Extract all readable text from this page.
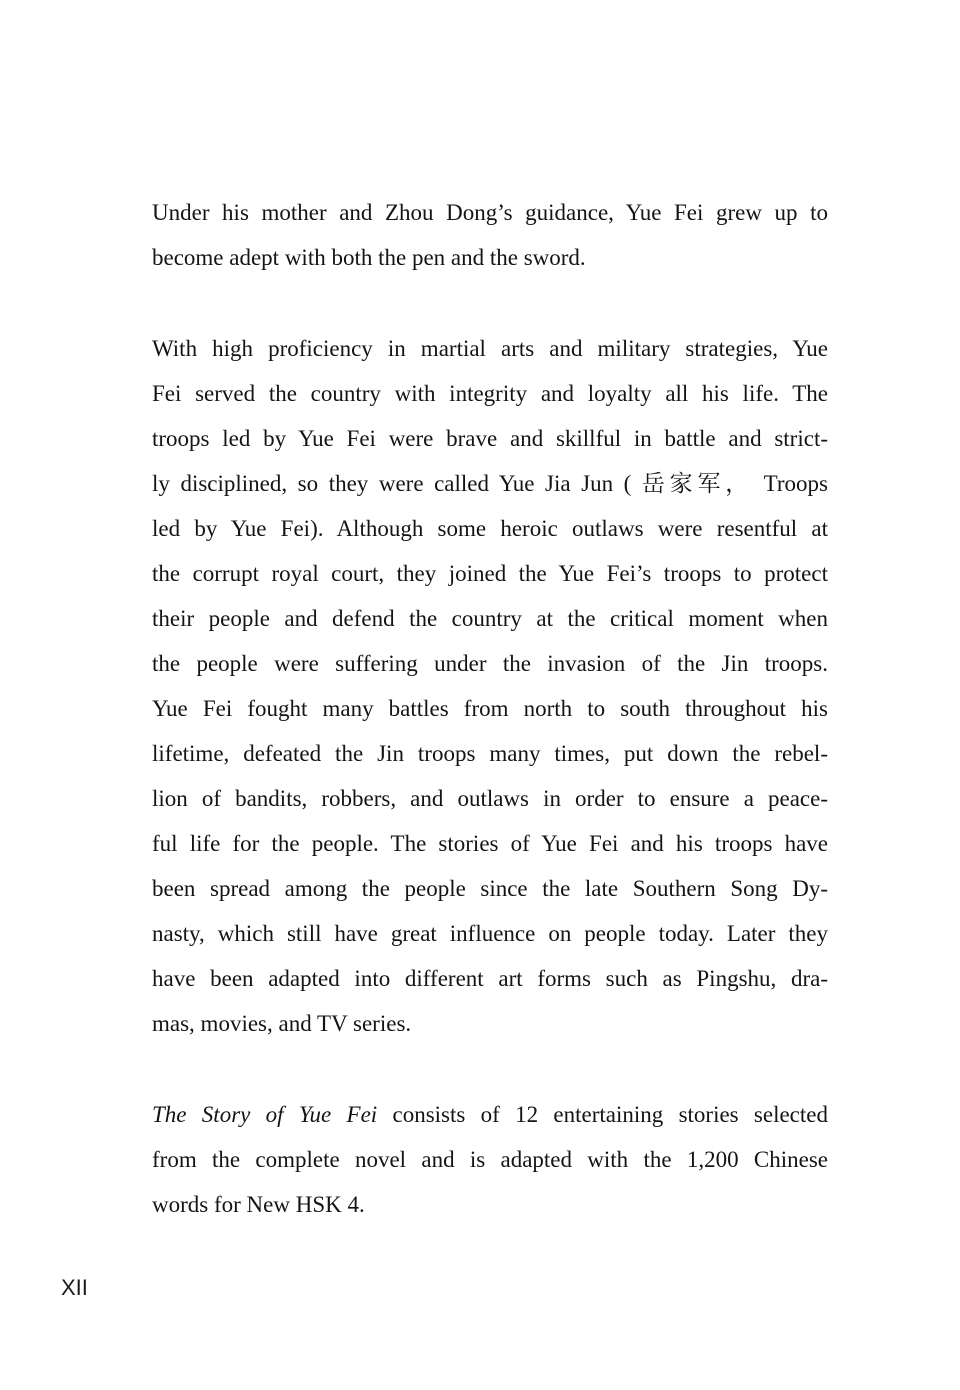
Under his mother and Zhou Dong’s guidance, Yue Fei grew up to
become adept with both the pen and the sword.
With high proficiency in martial arts and military strategies, Yue
Fei served the country with integrity and loyalty all his life. The
troops led by Yue Fei were brave and skillful in battle and strict-
ly disciplined, so they were called Yue Jia Jun ( 岳家军， Troops
led by Yue Fei). Although some heroic outlaws were resentful at
the corrupt royal court, they joined the Yue Fei’s troops to protect
their people and defend the country at the critical moment when
the people were suffering under the invasion of the Jin troops.
Yue Fei fought many battles from north to south throughout his
lifetime, defeated the Jin troops many times, put down the rebel-
lion of bandits, robbers, and outlaws in order to ensure a peace-
ful life for the people. The stories of Yue Fei and his troops have
been spread among the people since the late Southern Song Dy-
nasty, which still have great influence on people today. Later they
have been adapted into different art forms such as Pingshu, dra-
mas, movies, and TV series.
The Story of Yue Fei consists of 12 entertaining stories selected
from the complete novel and is adapted with the 1,200 Chinese
words for New HSK 4.
XII
